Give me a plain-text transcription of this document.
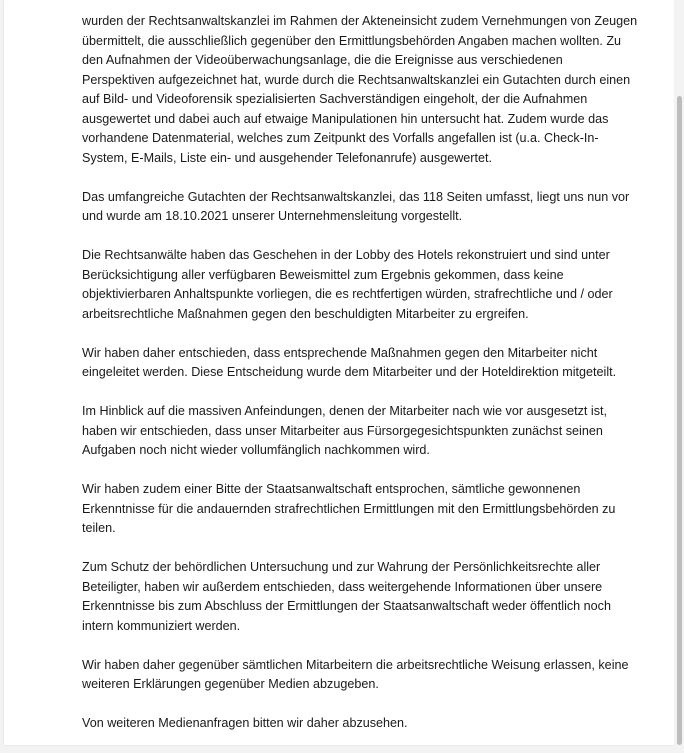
wurden der Rechtsanwaltskanzlei im Rahmen der Akteneinsicht zudem Vernehmungen von Zeugen übermittelt, die ausschließlich gegenüber den Ermittlungsbehörden Angaben machen wollten. Zu den Aufnahmen der Videoüberwachungsanlage, die die Ereignisse aus verschiedenen Perspektiven aufgezeichnet hat, wurde durch die Rechtsanwaltskanzlei ein Gutachten durch einen auf Bild- und Videoforensik spezialisierten Sachverständigen eingeholt, der die Aufnahmen ausgewertet und dabei auch auf etwaige Manipulationen hin untersucht hat. Zudem wurde das vorhandene Datenmaterial, welches zum Zeitpunkt des Vorfalls angefallen ist (u.a. Check-In-System, E-Mails, Liste ein- und ausgehender Telefonanrufe) ausgewertet.

Das umfangreiche Gutachten der Rechtsanwaltskanzlei, das 118 Seiten umfasst, liegt uns nun vor und wurde am 18.10.2021 unserer Unternehmensleitung vorgestellt.

Die Rechtsanwälte haben das Geschehen in der Lobby des Hotels rekonstruiert und sind unter Berücksichtigung aller verfügbaren Beweismittel zum Ergebnis gekommen, dass keine objektivierbaren Anhaltspunkte vorliegen, die es rechtfertigen würden, strafrechtliche und / oder arbeitsrechtliche Maßnahmen gegen den beschuldigten Mitarbeiter zu ergreifen.

Wir haben daher entschieden, dass entsprechende Maßnahmen gegen den Mitarbeiter nicht eingeleitet werden. Diese Entscheidung wurde dem Mitarbeiter und der Hoteldirektion mitgeteilt.

Im Hinblick auf die massiven Anfeindungen, denen der Mitarbeiter nach wie vor ausgesetzt ist, haben wir entschieden, dass unser Mitarbeiter aus Fürsorgegesichtspunkten zunächst seinen Aufgaben noch nicht wieder vollumfänglich nachkommen wird.

Wir haben zudem einer Bitte der Staatsanwaltschaft entsprochen, sämtliche gewonnenen Erkenntnisse für die andauernden strafrechtlichen Ermittlungen mit den Ermittlungsbehörden zu teilen.

Zum Schutz der behördlichen Untersuchung und zur Wahrung der Persönlichkeitsrechte aller Beteiligter, haben wir außerdem entschieden, dass weitergehende Informationen über unsere Erkenntnisse bis zum Abschluss der Ermittlungen der Staatsanwaltschaft weder öffentlich noch intern kommuniziert werden.

Wir haben daher gegenüber sämtlichen Mitarbeitern die arbeitsrechtliche Weisung erlassen, keine weiteren Erklärungen gegenüber Medien abzugeben.

Von weiteren Medienanfragen bitten wir daher abzusehen.
